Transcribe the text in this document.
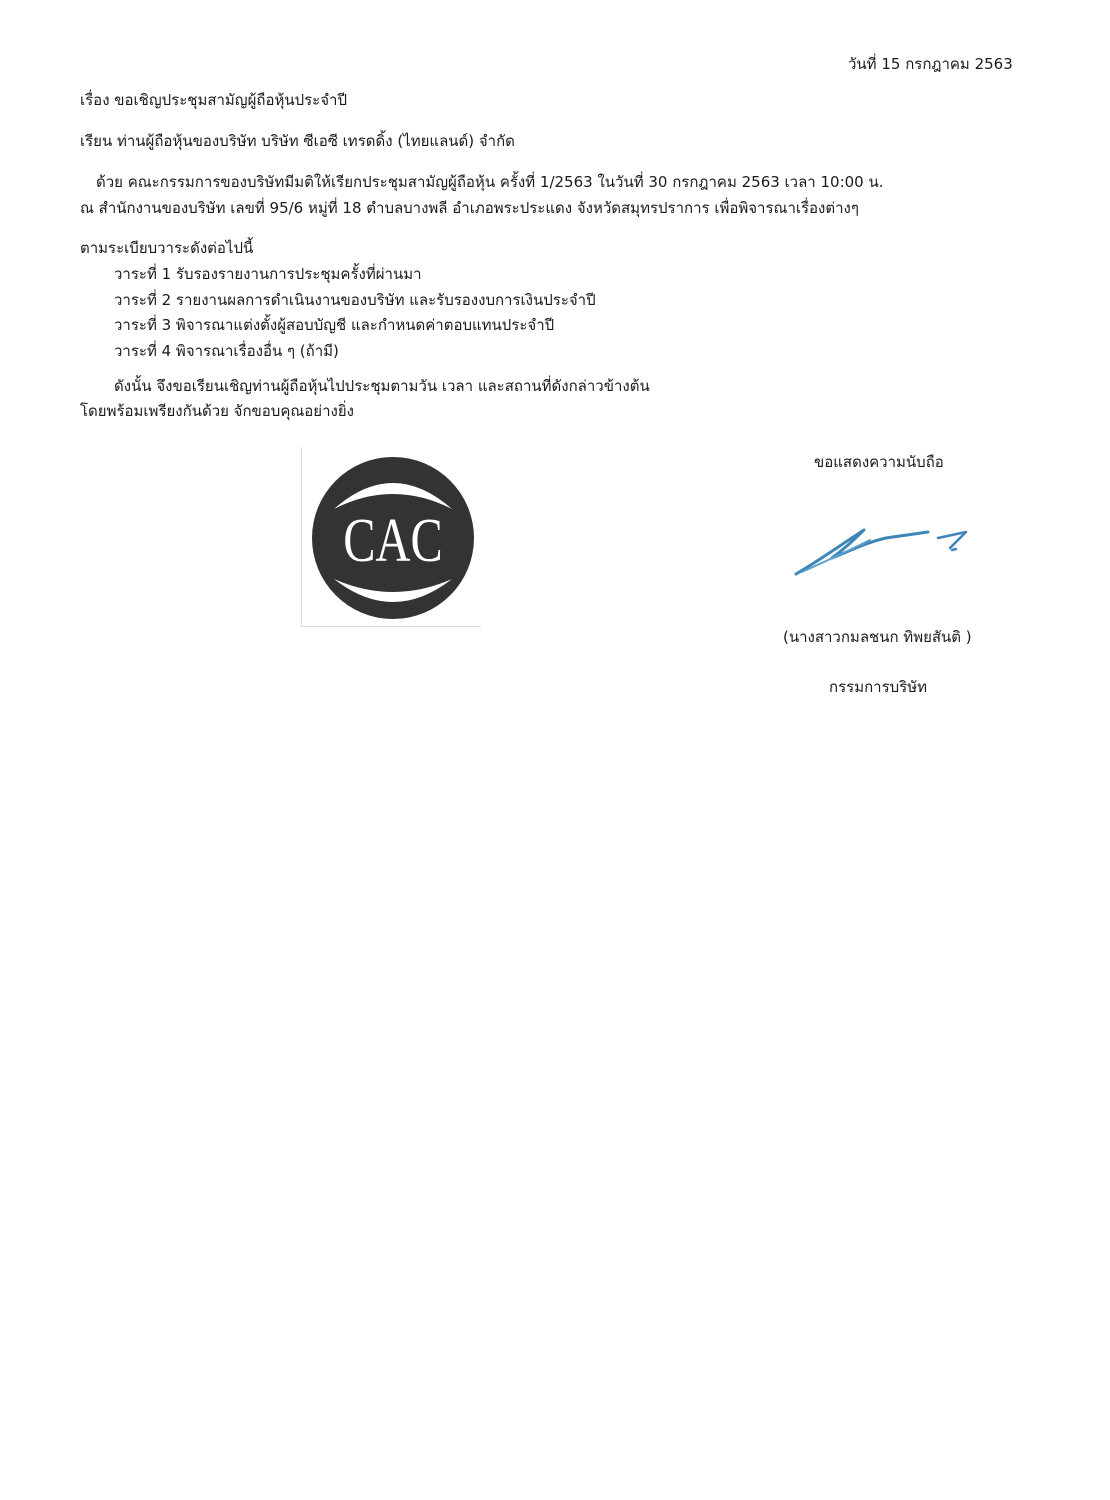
วันที่ 15 กรกฎาคม 2563
เรื่อง ขอเชิญประชุมสามัญผู้ถือหุ้นประจำปี
เรียน ท่านผู้ถือหุ้นของบริษัท บริษัท ซีเอซี เทรดดิ้ง (ไทยแลนด์) จำกัด
ด้วย คณะกรรมการของบริษัทมีมติให้เรียกประชุมสามัญผู้ถือหุ้น ครั้งที่ 1/2563 ในวันที่ 30 กรกฎาคม 2563 เวลา 10:00 น.
ณ สำนักงานของบริษัท เลขที่ 95/6 หมู่ที่ 18 ตำบลบางพลี อำเภอพระประแดง จังหวัดสมุทรปราการ เพื่อพิจารณาเรื่องต่างๆ
ตามระเบียบวาระดังต่อไปนี้
วาระที่ 1 รับรองรายงานการประชุมครั้งที่ผ่านมา
วาระที่ 2 รายงานผลการดำเนินงานของบริษัท และรับรองงบการเงินประจำปี
วาระที่ 3 พิจารณาแต่งตั้งผู้สอบบัญชี และกำหนดค่าตอบแทนประจำปี
วาระที่ 4 พิจารณาเรื่องอื่น ๆ (ถ้ามี)
ดังนั้น จึงขอเรียนเชิญท่านผู้ถือหุ้นไปประชุมตามวัน เวลา และสถานที่ดังกล่าวข้างต้น
โดยพร้อมเพรียงกันด้วย จักขอบคุณอย่างยิ่ง
CAC
ขอแสดงความนับถือ
(นางสาวกมลชนก ทิพยสันติ )
กรรมการบริษัท
